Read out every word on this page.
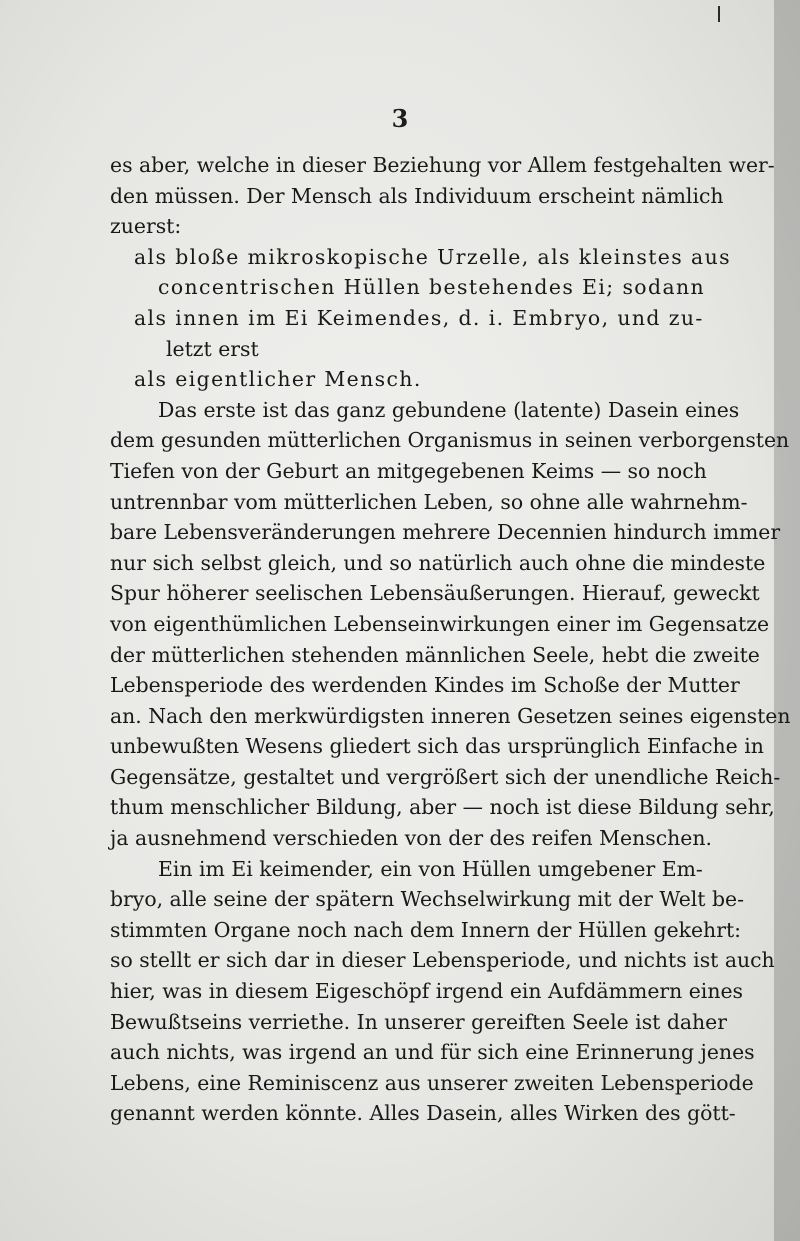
3
es aber, welche in dieser Beziehung vor Allem festgehalten wer-
den müssen. Der Mensch als Individuum erscheint nämlich
zuerst:
als bloße mikroskopische Urzelle, als kleinstes aus
concentrischen Hüllen bestehendes Ei; sodann
als innen im Ei Keimendes, d. i. Embryo, und zu-
letzt erst
als eigentlicher Mensch.
Das erste ist das ganz gebundene (latente) Dasein eines
dem gesunden mütterlichen Organismus in seinen verborgensten
Tiefen von der Geburt an mitgegebenen Keims — so noch
untrennbar vom mütterlichen Leben, so ohne alle wahrnehm-
bare Lebensveränderungen mehrere Decennien hindurch immer
nur sich selbst gleich, und so natürlich auch ohne die mindeste
Spur höherer seelischen Lebensäußerungen. Hierauf, geweckt
von eigenthümlichen Lebenseinwirkungen einer im Gegensatze
der mütterlichen stehenden männlichen Seele, hebt die zweite
Lebensperiode des werdenden Kindes im Schoße der Mutter
an. Nach den merkwürdigsten inneren Gesetzen seines eigensten
unbewußten Wesens gliedert sich das ursprünglich Einfache in
Gegensätze, gestaltet und vergrößert sich der unendliche Reich-
thum menschlicher Bildung, aber — noch ist diese Bildung sehr,
ja ausnehmend verschieden von der des reifen Menschen.
Ein im Ei keimender, ein von Hüllen umgebener Em-
bryo, alle seine der spätern Wechselwirkung mit der Welt be-
stimmten Organe noch nach dem Innern der Hüllen gekehrt:
so stellt er sich dar in dieser Lebensperiode, und nichts ist auch
hier, was in diesem Eigeschöpf irgend ein Aufdämmern eines
Bewußtseins verriethe. In unserer gereiften Seele ist daher
auch nichts, was irgend an und für sich eine Erinnerung jenes
Lebens, eine Reminiscenz aus unserer zweiten Lebensperiode
genannt werden könnte. Alles Dasein, alles Wirken des gött-
